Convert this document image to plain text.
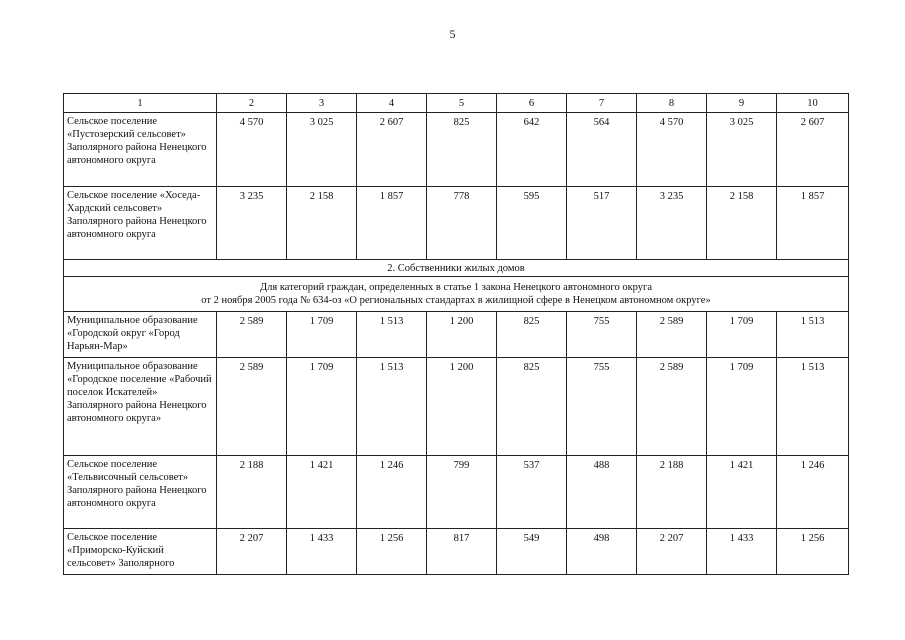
5
1	2	3	4	5	6	7	8	9	10
Сельское поселение «Пустозерский сельсовет» Заполярного района Ненецкого автономного округа	4 570	3 025	2 607	825	642	564	4 570	3 025	2 607
Сельское поселение «Хоседа-Хардский сельсовет» Заполярного района Ненецкого автономного округа	3 235	2 158	1 857	778	595	517	3 235	2 158	1 857
2. Собственники жилых домов									

Для категорий граждан, определенных в статье 1 закона Ненецкого автономного округа
от 2 ноября 2005 года № 634-оз «О региональных стандартах в жилищной сфере в Ненецком автономном округе»									

Муниципальное образование «Городской округ «Город Нарьян-Мар»	2 589	1 709	1 513	1 200	825	755	2 589	1 709	1 513
Муниципальное образование «Городское поселение «Рабочий поселок Искателей» Заполярного района Ненецкого автономного округа»	2 589	1 709	1 513	1 200	825	755	2 589	1 709	1 513
Сельское поселение «Тельвисочный сельсовет» Заполярного района Ненецкого автономного округа	2 188	1 421	1 246	799	537	488	2 188	1 421	1 246
Сельское поселение «Приморско-Куйский сельсовет» Заполярного	2 207	1 433	1 256	817	549	498	2 207	1 433	1 256
